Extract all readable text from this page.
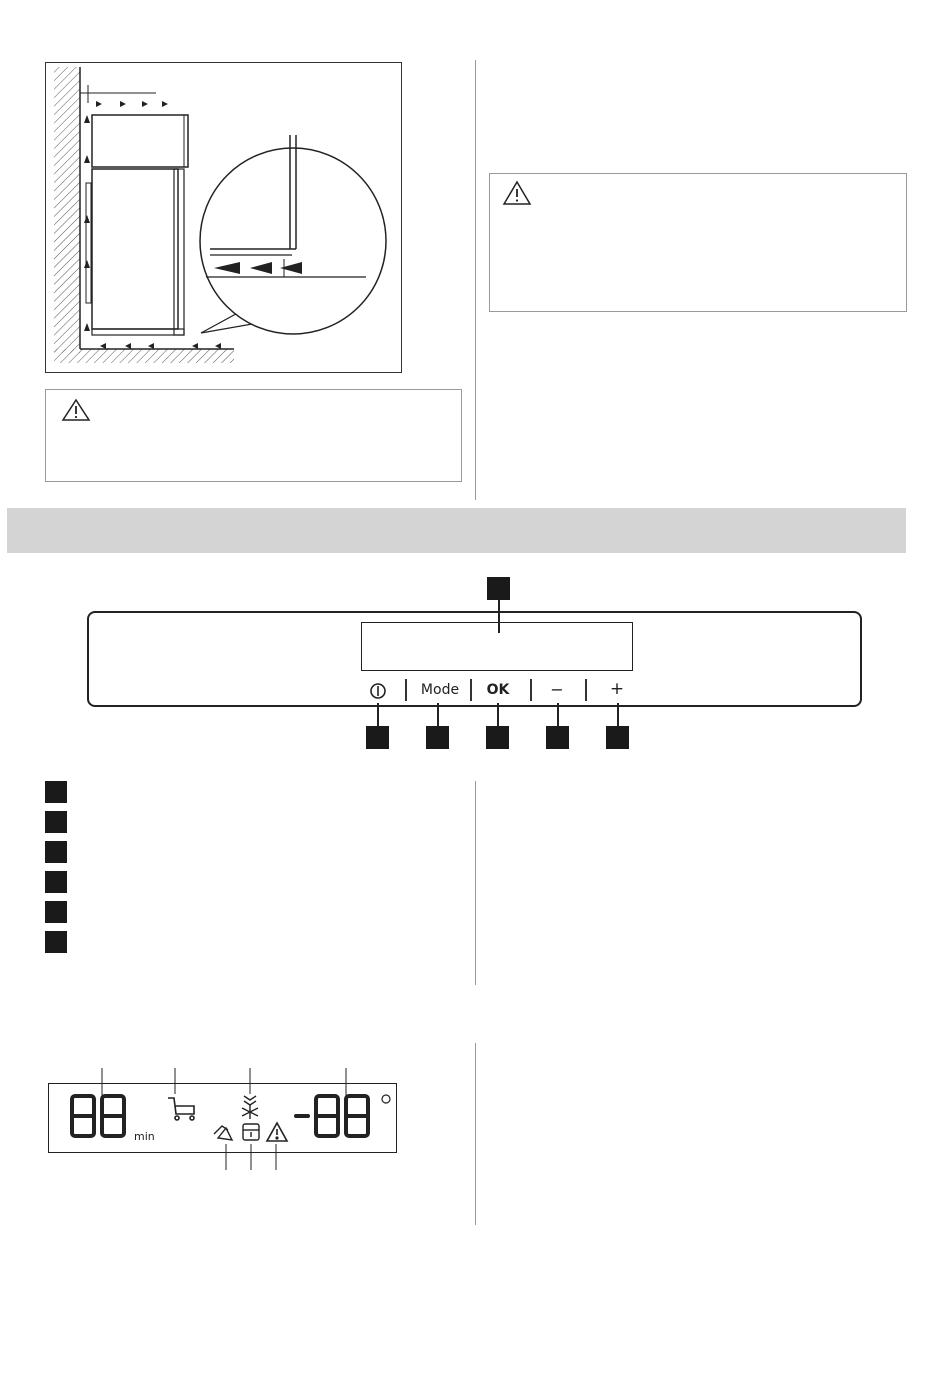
Mode	OK	−	+
min
